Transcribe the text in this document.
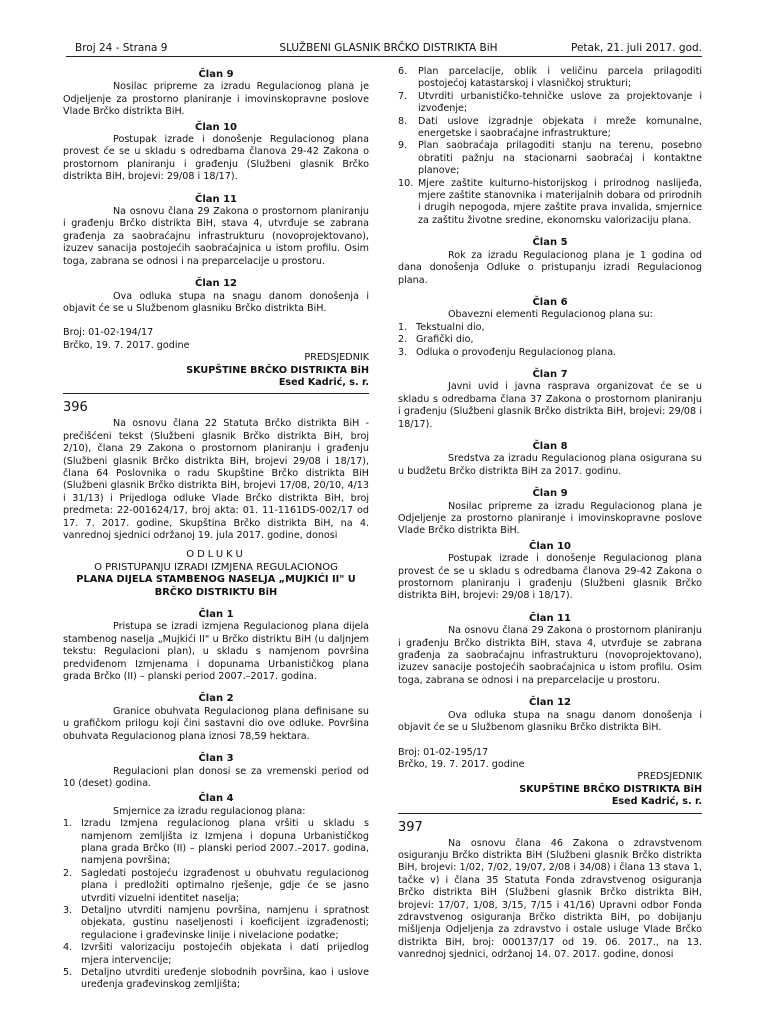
Broj 24 - Strana 9	SLUŽBENI GLASNIK BRČKO DISTRIKTA BiH	Petak, 21. juli 2017. god.
Član 9
Nosilac pripreme za izradu Regulacionog plana je Odjeljenje za prostorno planiranje i imovinskopravne poslove Vlade Brčko distrikta BiH.
Član 10
Postupak izrade i donošenje Regulacionog plana provest će se u skladu s odredbama članova 29-42 Zakona o prostornom planiranju i građenju (Službeni glasnik Brčko distrikta BiH, brojevi: 29/08 i 18/17).
Član 11
Na osnovu člana 29 Zakona o prostornom planiranju i građenju Brčko distrikta BiH, stava 4, utvrđuje se zabrana građenja za saobraćajnu infrastrukturu (novoprojektovano), izuzev sanacija postojećih saobraćajnica u istom profilu. Osim toga, zabrana se odnosi i na preparcelacije u prostoru.
Član 12
Ova odluka stupa na snagu danom donošenja i objavit će se u Službenom glasniku Brčko distrikta BiH.
Broj: 01-02-194/17
Brčko, 19. 7. 2017. godine
PREDSJEDNIK
SKUPŠTINE BRČKO DISTRIKTA BiH
Esed Kadrić, s. r.
396
Na osnovu člana 22 Statuta Brčko distrikta BiH - prečišćeni tekst (Službeni glasnik Brčko distrikta BiH, broj 2/10), člana 29 Zakona o prostornom planiranju i građenju (Službeni glasnik Brčko distrikta BiH, brojevi 29/08 i 18/17), člana 64 Poslovnika o radu Skupštine Brčko distrikta BiH (Službeni glasnik Brčko distrikta BiH, brojevi 17/08, 20/10, 4/13 i 31/13) i Prijedloga odluke Vlade Brčko distrikta BiH, broj predmeta: 22-001624/17, broj akta: 01. 11-1161DS-002/17 od 17. 7. 2017. godine, Skupština Brčko distrikta BiH, na 4. vanrednoj sjednici održanoj 19. jula 2017. godine, donosi
ODLUKU
O PRISTUPANJU IZRADI IZMJENA REGULACIONOG
PLANA DIJELA STAMBENOG NASELJA „MUJKIĆI II" U BRČKO DISTRIKTU BiH
Član 1
Pristupa se izradi izmjena Regulacionog plana dijela stambenog naselja „Mujkići II" u Brčko distriktu BiH (u daljnjem tekstu: Regulacioni plan), u skladu s namjenom površina predviđenom Izmjenama i dopunama Urbanističkog plana grada Brčko (II) – planski period 2007.–2017. godina.
Član 2
Granice obuhvata Regulacionog plana definisane su u grafičkom prilogu koji čini sastavni dio ove odluke. Površina obuhvata Regulacionog plana iznosi 78,59 hektara.
Član 3
Regulacioni plan donosi se za vremenski period od 10 (deset) godina.
Član 4
Smjernice za izradu regulacionog plana:
1. Izradu Izmjena regulacionog plana vršiti u skladu s namjenom zemljišta iz Izmjena i dopuna Urbanističkog plana grada Brčko (II) – planski period 2007.–2017. godina, namjena površina;
2. Sagledati postojeću izgrađenost u obuhvatu regulacionog plana i predložiti optimalno rješenje, gdje će se jasno utvrditi vizuelni identitet naselja;
3. Detaljno utvrditi namjenu površina, namjenu i spratnost objekata, gustinu naseljenosti i koeficijent izgrađenosti; regulacione i građevinske linije i nivelacione podatke;
4. Izvršiti valorizaciju postojećih objekata i dati prijedlog mjera intervencije;
5. Detaljno utvrditi uređenje slobodnih površina, kao i uslove uređenja građevinskog zemljišta;
6. Plan parcelacije, oblik i veličinu parcela prilagoditi postojećoj katastarskoj i vlasničkoj strukturi;
7. Utvrditi urbanističko-tehničke uslove za projektovanje i izvođenje;
8. Dati uslove izgradnje objekata i mreže komunalne, energetske i saobraćajne infrastrukture;
9. Plan saobraćaja prilagoditi stanju na terenu, posebno obratiti pažnju na stacionarni saobraćaj i kontaktne planove;
10. Mjere zaštite kulturno-historijskog i prirodnog naslijeđa, mjere zaštite stanovnika i materijalnih dobara od prirodnih i drugih nepogoda, mjere zaštite prava invalida, smjernice za zaštitu životne sredine, ekonomsku valorizaciju plana.
Član 5
Rok za izradu Regulacionog plana je 1 godina od dana donošenja Odluke o pristupanju izradi Regulacionog plana.
Član 6
Obavezni elementi Regulacionog plana su:
1. Tekstualni dio,
2. Grafički dio,
3. Odluka o provođenju Regulacionog plana.
Član 7
Javni uvid i javna rasprava organizovat će se u skladu s odredbama člana 37 Zakona o prostornom planiranju i građenju (Službeni glasnik Brčko distrikta BiH, brojevi: 29/08 i 18/17).
Član 8
Sredstva za izradu Regulacionog plana osigurana su u budžetu Brčko distrikta BiH za 2017. godinu.
Član 9
Nosilac pripreme za izradu Regulacionog plana je Odjeljenje za prostorno planiranje i imovinskopravne poslove Vlade Brčko distrikta BiH.
Član 10
Postupak izrade i donošenje Regulacionog plana provest će se u skladu s odredbama članova 29-42 Zakona o prostornom planiranju i građenju (Službeni glasnik Brčko distrikta BiH, brojevi: 29/08 i 18/17).
Član 11
Na osnovu člana 29 Zakona o prostornom planiranju i građenju Brčko distrikta BiH, stava 4, utvrđuje se zabrana građenja za saobraćajnu infrastrukturu (novoprojektovano), izuzev sanacije postojećih saobraćajnica u istom profilu. Osim toga, zabrana se odnosi i na preparcelacije u prostoru.
Član 12
Ova odluka stupa na snagu danom donošenja i objavit će se u Službenom glasniku Brčko distrikta BiH.
Broj: 01-02-195/17
Brčko, 19. 7. 2017. godine
PREDSJEDNIK
SKUPŠTINE BRČKO DISTRIKTA BiH
Esed Kadrić, s. r.
397
Na osnovu člana 46 Zakona o zdravstvenom osiguranju Brčko distrikta BiH (Službeni glasnik Brčko distrikta BiH, brojevi: 1/02, 7/02, 19/07, 2/08 i 34/08) i člana 13 stava 1, tačke v) i člana 35 Statuta Fonda zdravstvenog osiguranja Brčko distrikta BiH (Službeni glasnik Brčko distrikta BiH, brojevi: 17/07, 1/08, 3/15, 7/15 i 41/16) Upravni odbor Fonda zdravstvenog osiguranja Brčko distrikta BiH, po dobijanju mišljenja Odjeljenja za zdravstvo i ostale usluge Vlade Brčko distrikta BiH, broj: 000137/17 od 19. 06. 2017., na 13. vanrednoj sjednici, održanoj 14. 07. 2017. godine, donosi
